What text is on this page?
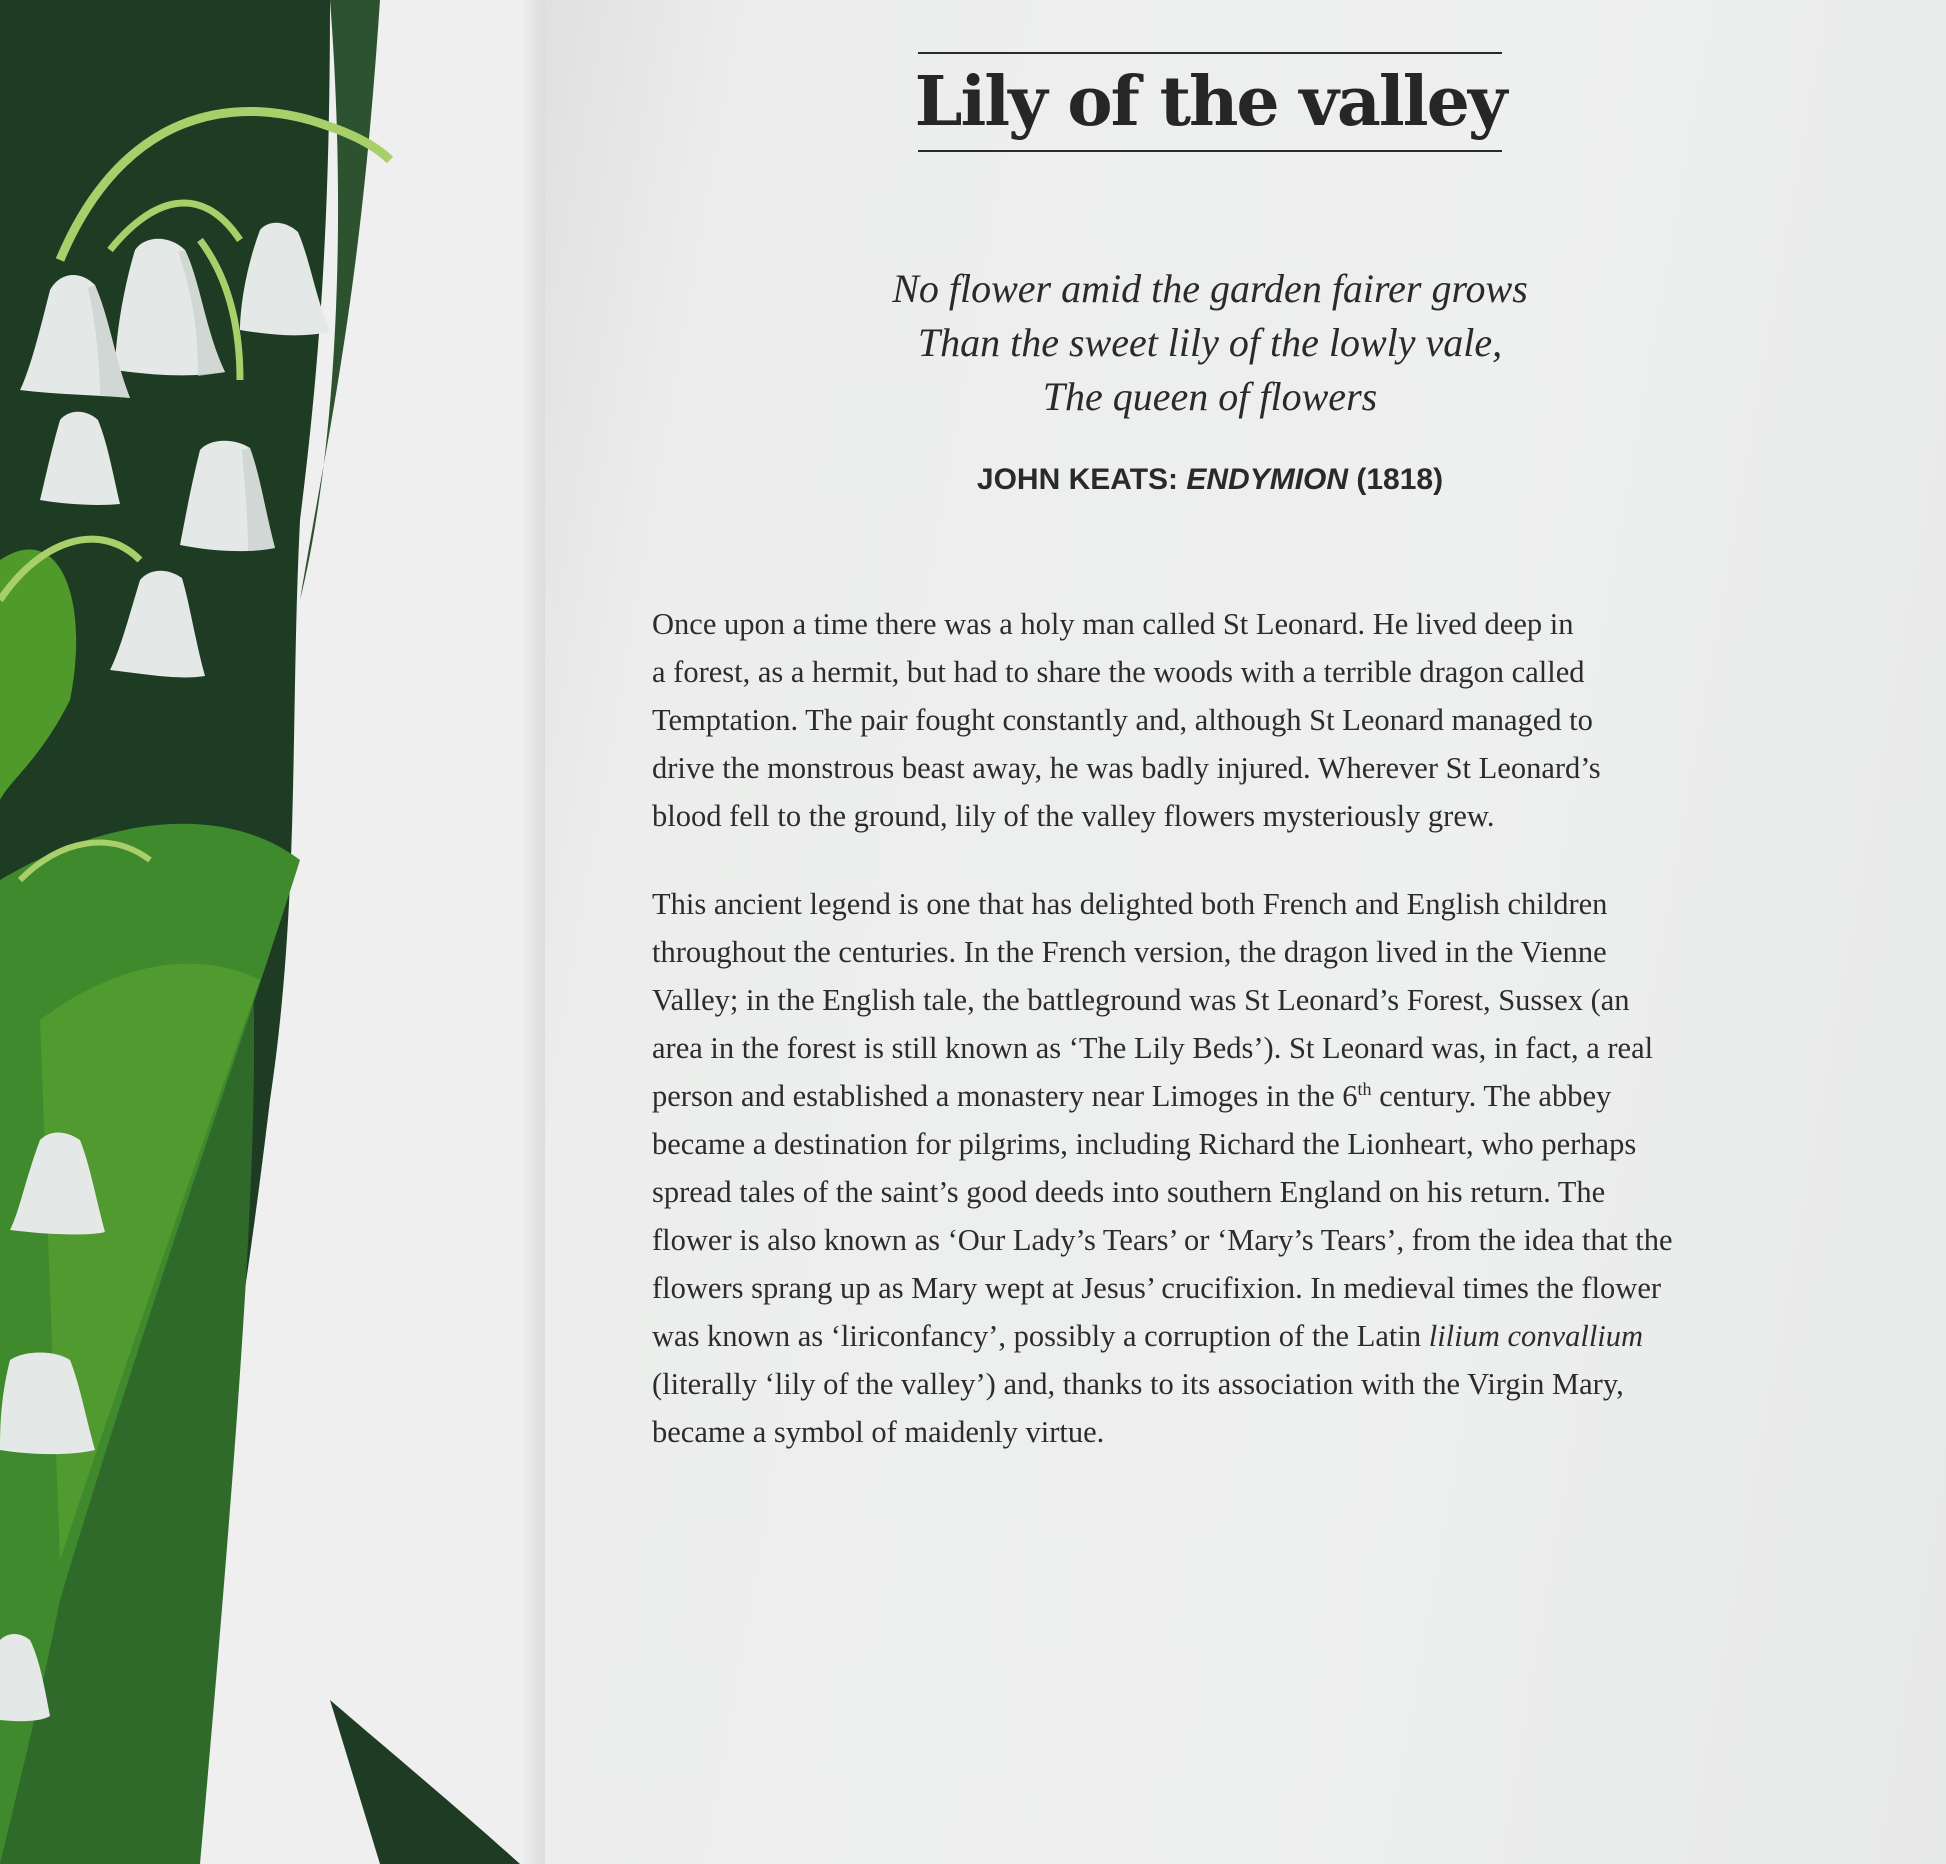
Lily of the valley
No flower amid the garden fairer grows
Than the sweet lily of the lowly vale,
The queen of flowers
JOHN KEATS: ENDYMION (1818)
Once upon a time there was a holy man called St Leonard. He lived deep in
a forest, as a hermit, but had to share the woods with a terrible dragon called
Temptation. The pair fought constantly and, although St Leonard managed to
drive the monstrous beast away, he was badly injured. Wherever St Leonard’s
blood fell to the ground, lily of the valley flowers mysteriously grew.
This ancient legend is one that has delighted both French and English children
throughout the centuries. In the French version, the dragon lived in the Vienne
Valley; in the English tale, the battleground was St Leonard’s Forest, Sussex (an
area in the forest is still known as ‘The Lily Beds’). St Leonard was, in fact, a real
person and established a monastery near Limoges in the 6th century. The abbey
became a destination for pilgrims, including Richard the Lionheart, who perhaps
spread tales of the saint’s good deeds into southern England on his return. The
flower is also known as ‘Our Lady’s Tears’ or ‘Mary’s Tears’, from the idea that the
flowers sprang up as Mary wept at Jesus’ crucifixion. In medieval times the flower
was known as ‘liriconfancy’, possibly a corruption of the Latin lilium convallium
(literally ‘lily of the valley’) and, thanks to its association with the Virgin Mary,
became a symbol of maidenly virtue.
